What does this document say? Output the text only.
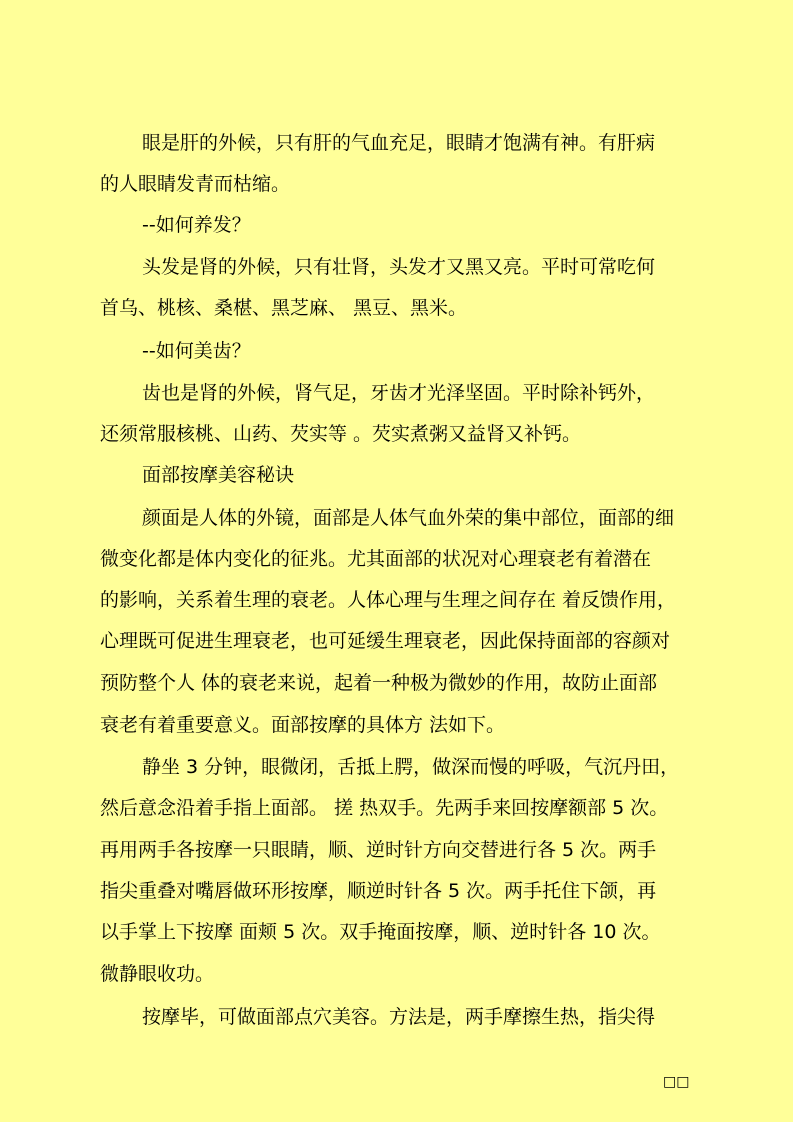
眼是肝的外候，只有肝的气血充足，眼睛才饱满有神。有肝病
的人眼睛发青而枯缩。
--如何养发？
头发是肾的外候，只有壮肾，头发才又黑又亮。平时可常吃何
首乌、桃核、桑椹、黑芝麻、 黑豆、黑米。
--如何美齿？
齿也是肾的外候，肾气足，牙齿才光泽坚固。平时除补钙外，
还须常服核桃、山药、芡实等 。芡实煮粥又益肾又补钙。
面部按摩美容秘诀
颜面是人体的外镜，面部是人体气血外荣的集中部位，面部的细
微变化都是体内变化的征兆。尤其面部的状况对心理衰老有着潜在
的影响，关系着生理的衰老。人体心理与生理之间存在 着反馈作用，
心理既可促进生理衰老，也可延缓生理衰老，因此保持面部的容颜对
预防整个人 体的衰老来说，起着一种极为微妙的作用，故防止面部
衰老有着重要意义。面部按摩的具体方 法如下。
静坐 3 分钟，眼微闭，舌抵上腭，做深而慢的呼吸，气沉丹田，
然后意念沿着手指上面部。 搓 热双手。先两手来回按摩额部 5 次。
再用两手各按摩一只眼睛，顺、逆时针方向交替进行各 5 次。两手
指尖重叠对嘴唇做环形按摩，顺逆时针各 5 次。两手托住下颌，再
以手掌上下按摩 面颊 5 次。双手掩面按摩，顺、逆时针各 10 次。
微静眼收功。
按摩毕，可做面部点穴美容。方法是，两手摩擦生热，指尖得
□□
